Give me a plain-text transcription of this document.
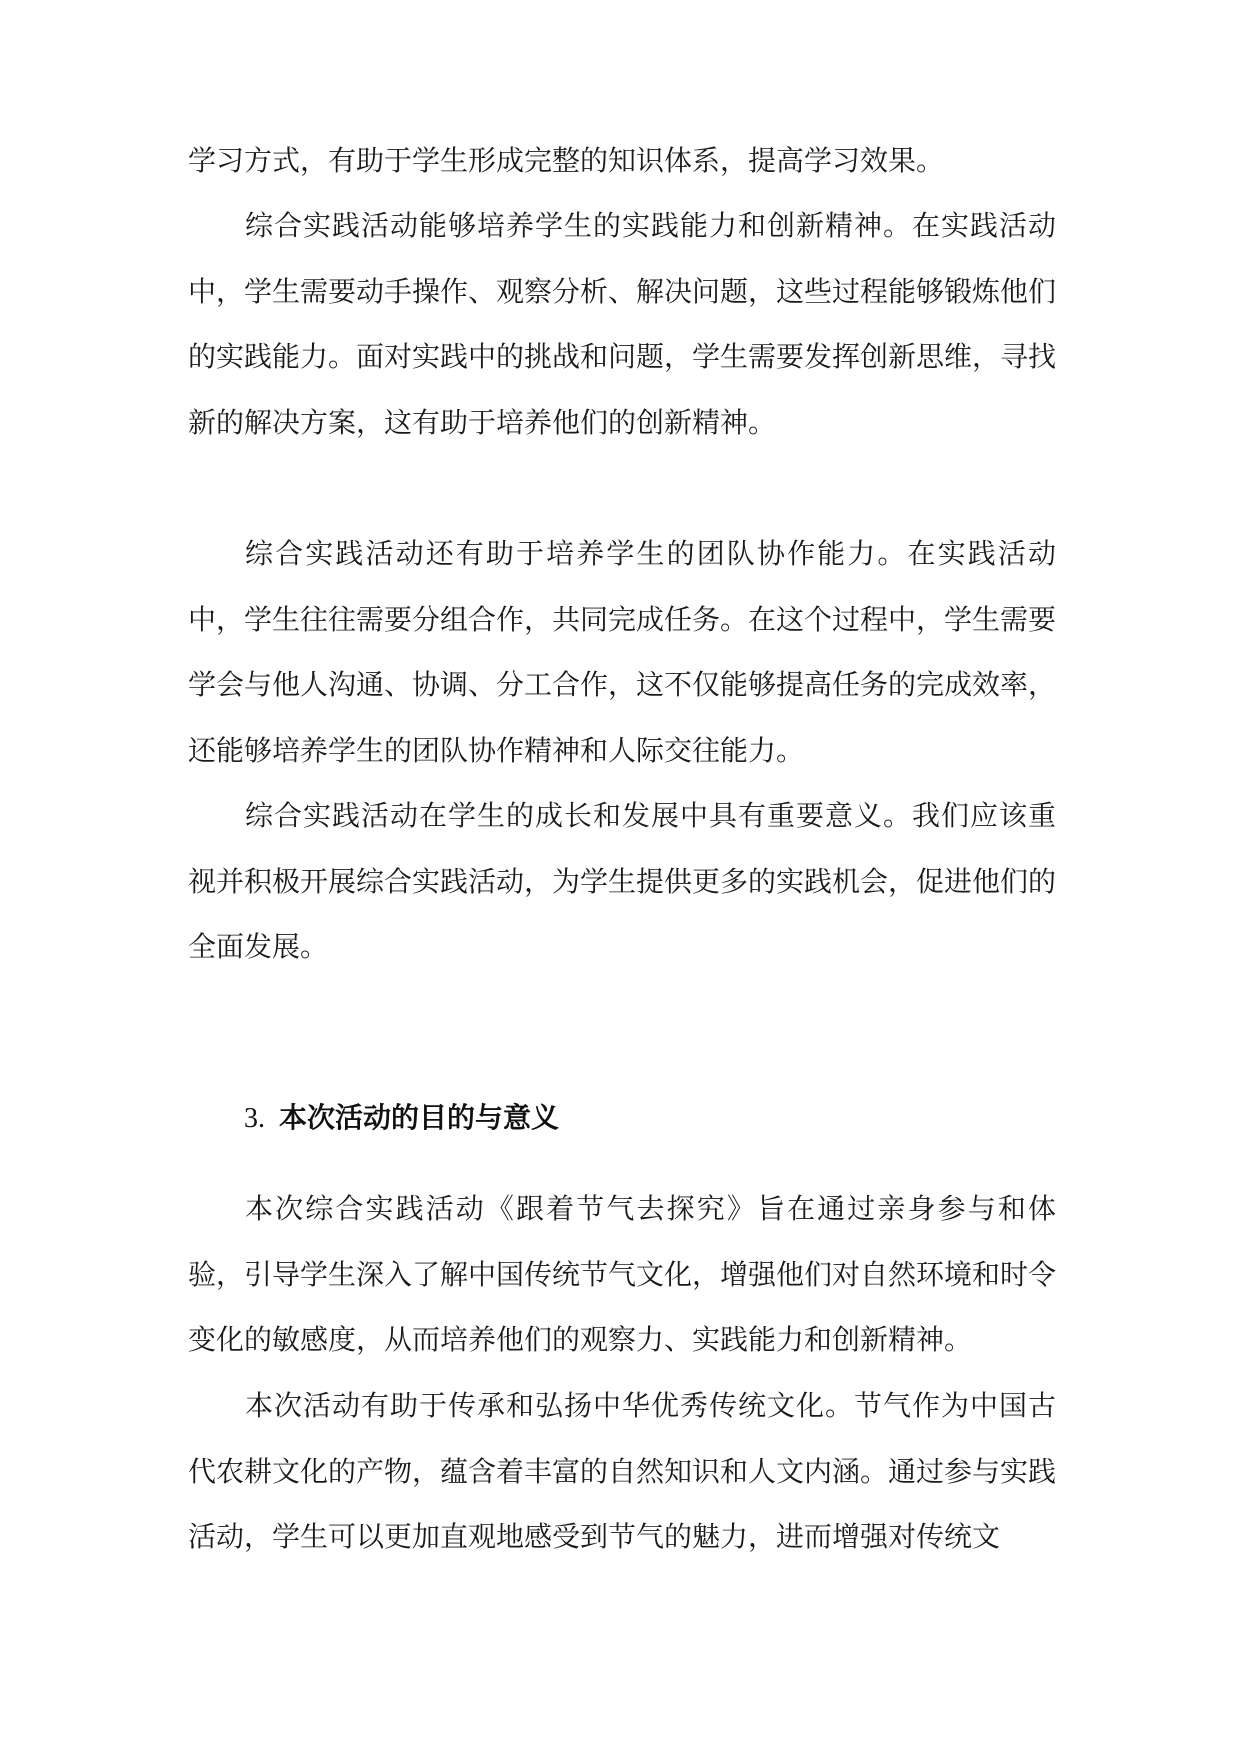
学习方式，有助于学生形成完整的知识体系，提高学习效果。

综合实践活动能够培养学生的实践能力和创新精神。在实践活动中，学生需要动手操作、观察分析、解决问题，这些过程能够锻炼他们的实践能力。面对实践中的挑战和问题，学生需要发挥创新思维，寻找新的解决方案，这有助于培养他们的创新精神。

综合实践活动还有助于培养学生的团队协作能力。在实践活动中，学生往往需要分组合作，共同完成任务。在这个过程中，学生需要学会与他人沟通、协调、分工合作，这不仅能够提高任务的完成效率，还能够培养学生的团队协作精神和人际交往能力。

综合实践活动在学生的成长和发展中具有重要意义。我们应该重视并积极开展综合实践活动，为学生提供更多的实践机会，促进他们的全面发展。

3. 本次活动的目的与意义

本次综合实践活动《跟着节气去探究》旨在通过亲身参与和体验，引导学生深入了解中国传统节气文化，增强他们对自然环境和时令变化的敏感度，从而培养他们的观察力、实践能力和创新精神。

本次活动有助于传承和弘扬中华优秀传统文化。节气作为中国古代农耕文化的产物，蕴含着丰富的自然知识和人文内涵。通过参与实践活动，学生可以更加直观地感受到节气的魅力，进而增强对传统文
